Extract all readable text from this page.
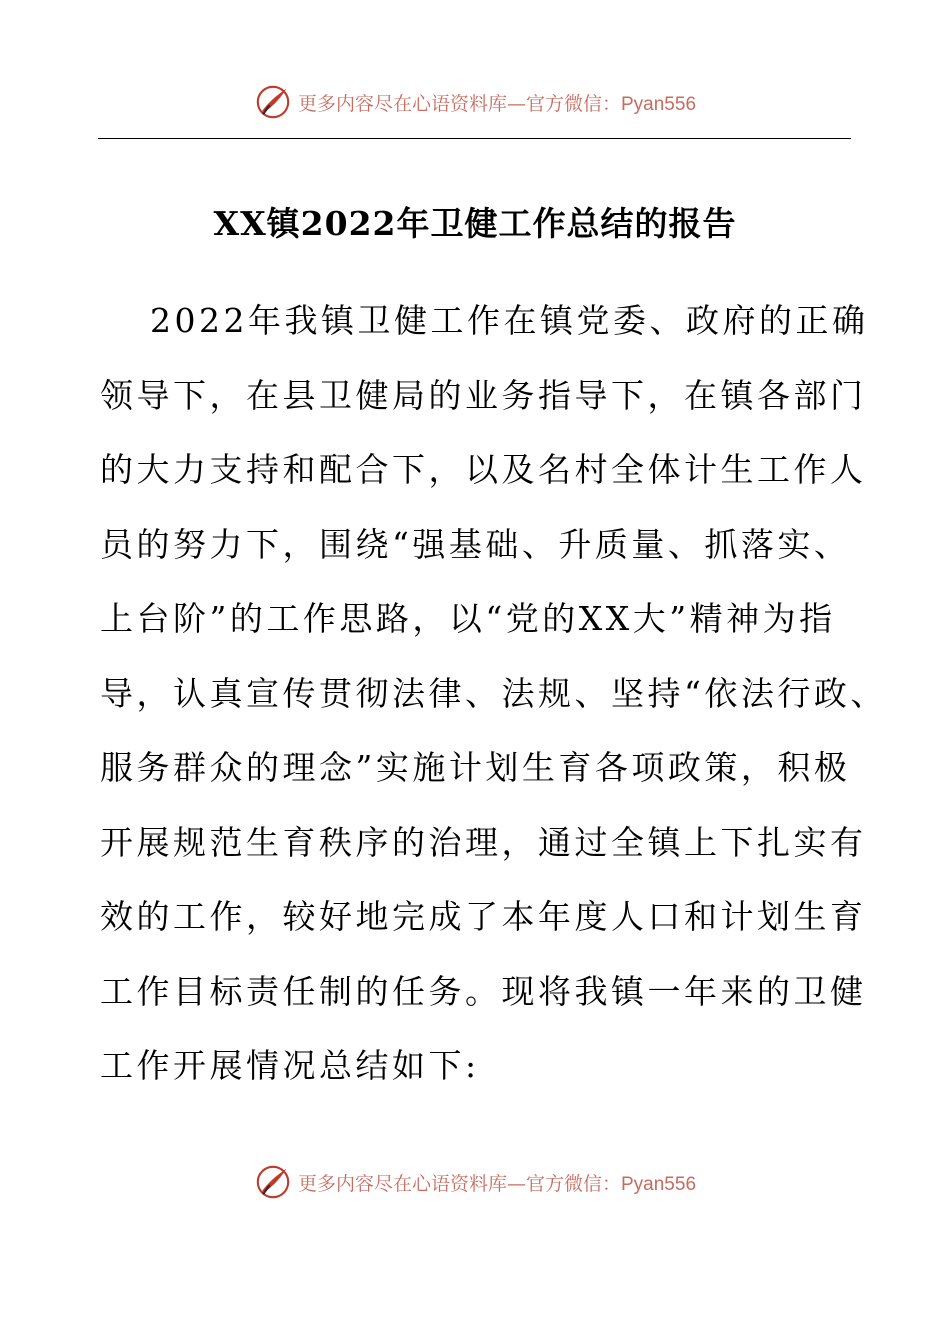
更多内容尽在心语资料库—官方微信：Pyan556
XX镇2022年卫健工作总结的报告
2022年我镇卫健工作在镇党委、政府的正确
领导下，在县卫健局的业务指导下，在镇各部门
的大力支持和配合下，以及名村全体计生工作人
员的努力下，围绕“强基础、升质量、抓落实、
上台阶”的工作思路，以“党的XX大”精神为指
导，认真宣传贯彻法律、法规、坚持“依法行政、
服务群众的理念”实施计划生育各项政策，积极
开展规范生育秩序的治理，通过全镇上下扎实有
效的工作，较好地完成了本年度人口和计划生育
工作目标责任制的任务。现将我镇一年来的卫健
工作开展情况总结如下:
更多内容尽在心语资料库—官方微信：Pyan556
